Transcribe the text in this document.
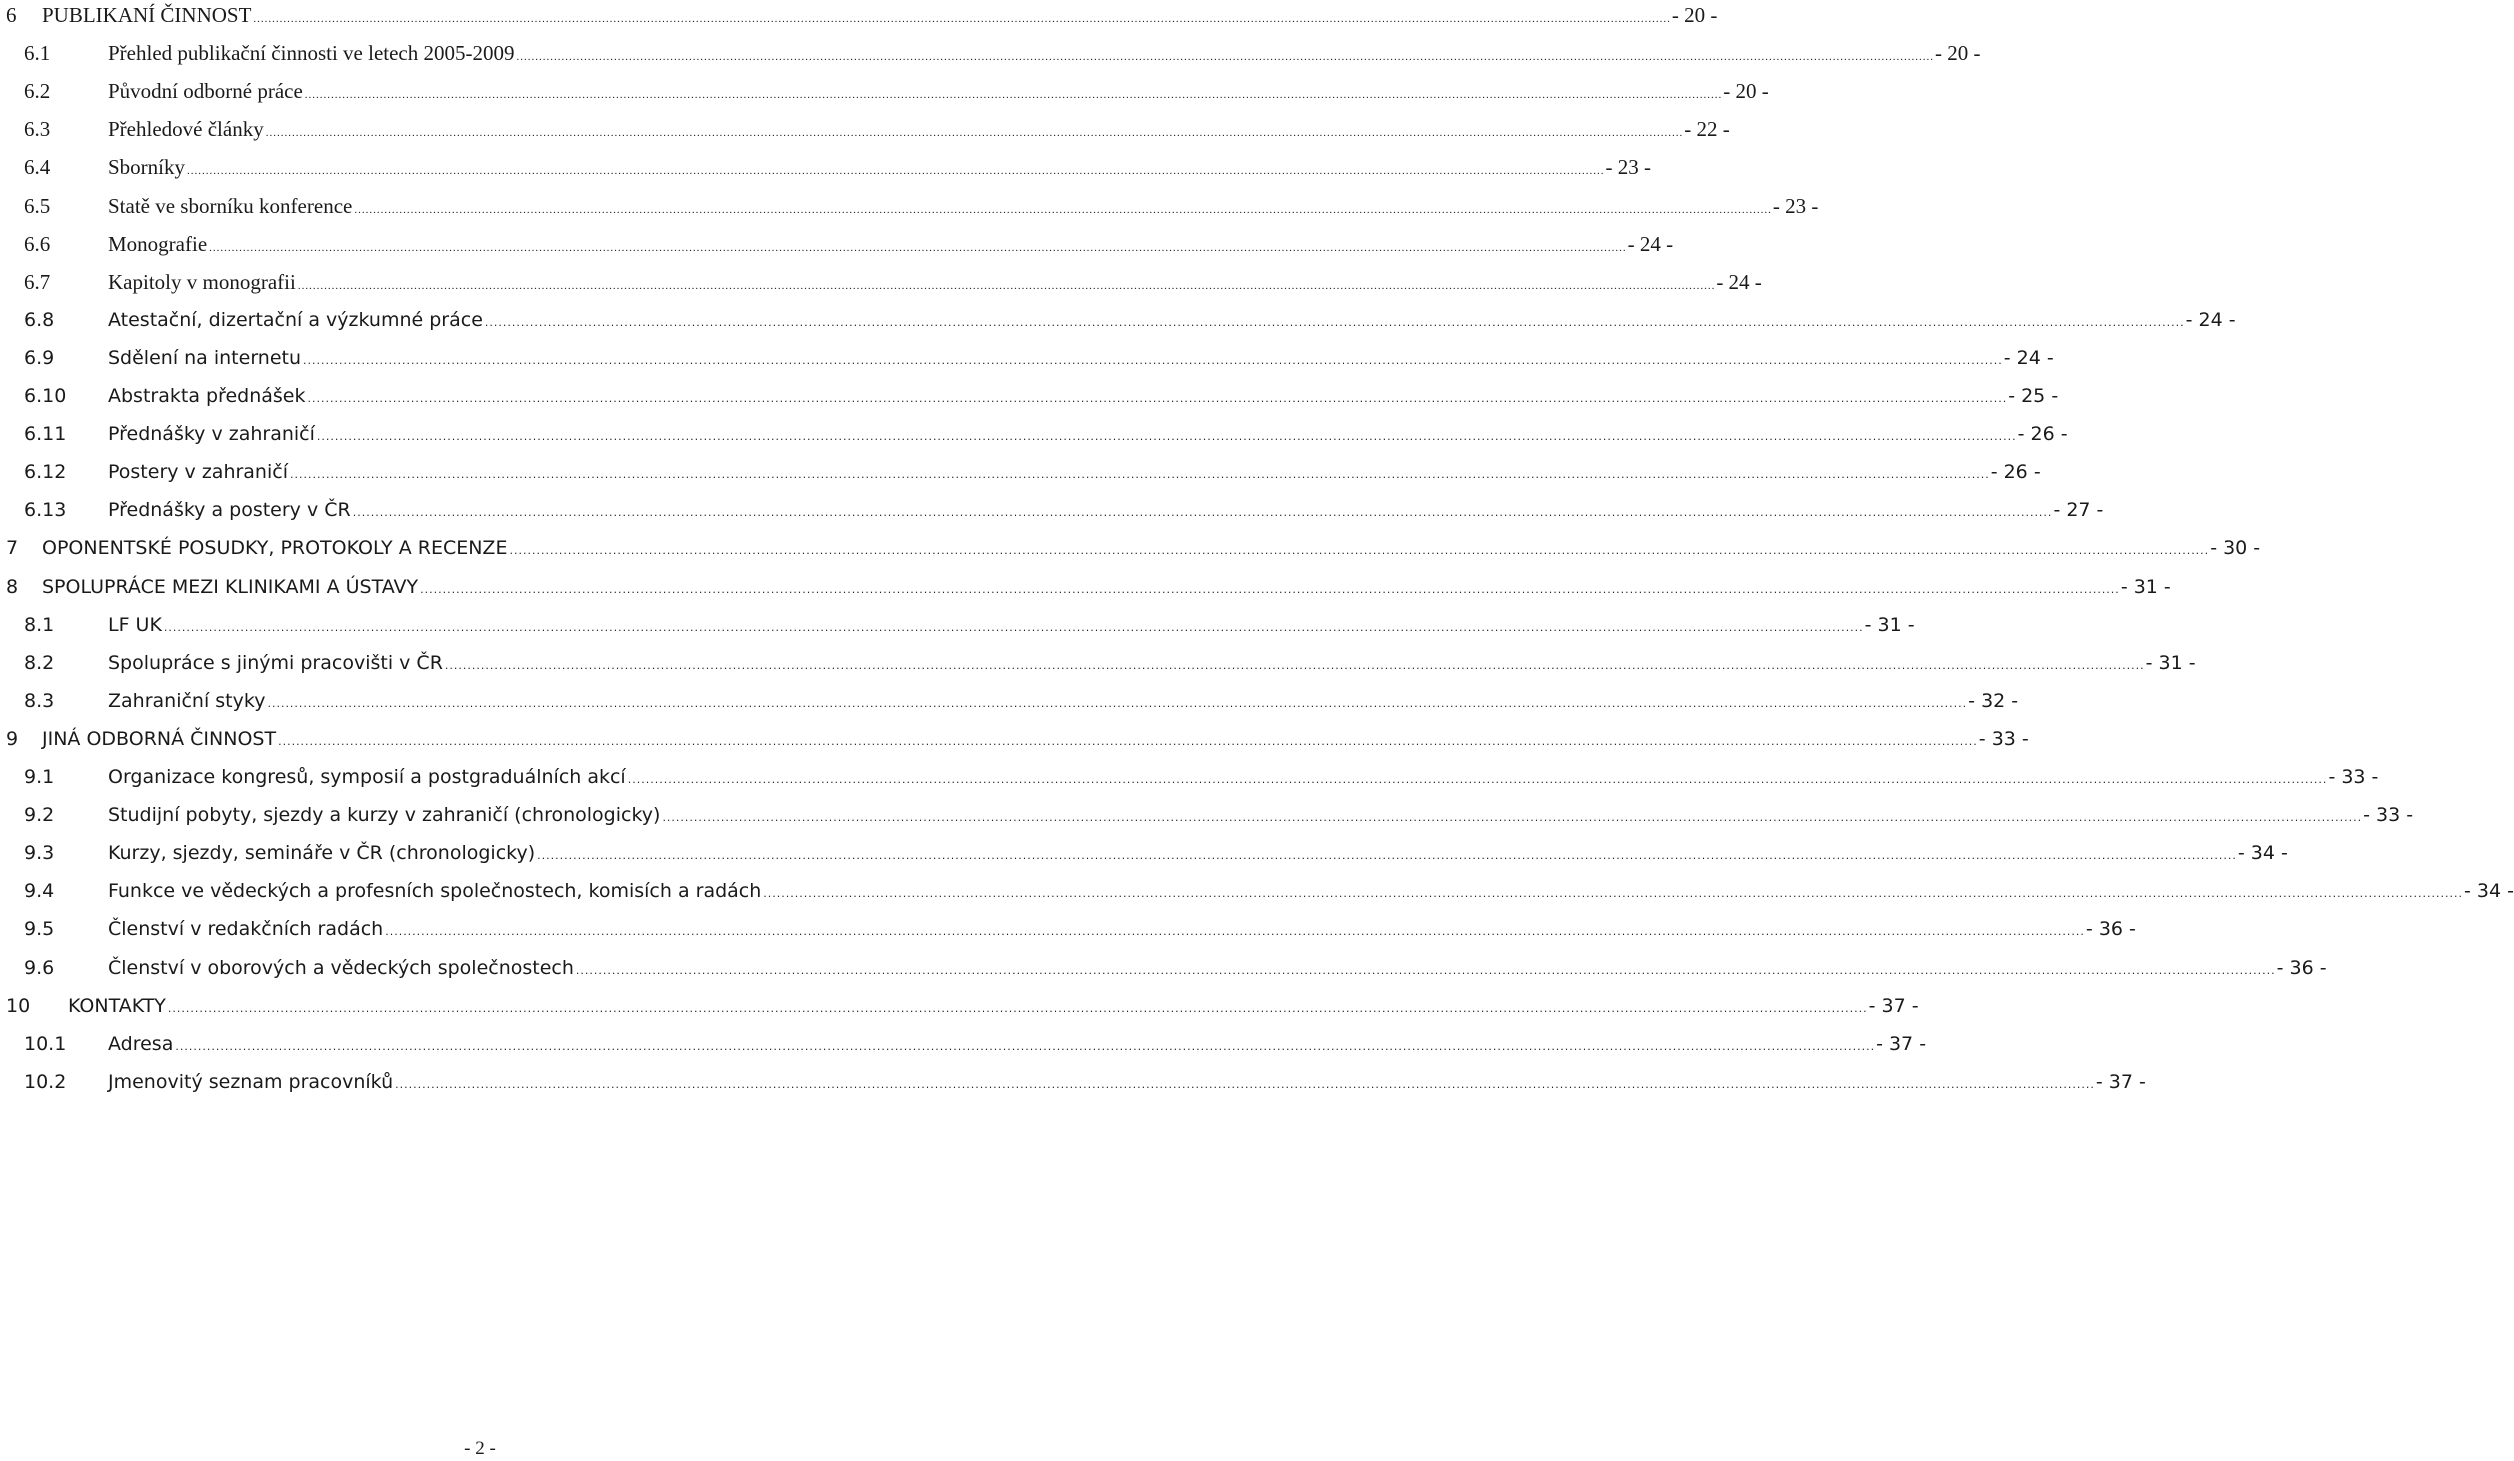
6	PUBLIKANÍ ČINNOST .....	- 20 -
6.1	Přehled publikační činnosti ve letech 2005-2009 .....	- 20 -
6.2	Původní odborné práce .....	- 20 -
6.3	Přehledové články .....	- 22 -
6.4	Sborníky .....	- 23 -
6.5	Statě ve sborníku konference .....	- 23 -
6.6	Monografie .....	- 24 -
6.7	Kapitoly v monografii .....	- 24 -
6.8	Atestační, dizertační a výzkumné práce .....	- 24 -
6.9	Sdělení na internetu .....	- 24 -
6.10	Abstrakta přednášek .....	- 25 -
6.11	Přednášky v zahraničí .....	- 26 -
6.12	Postery v zahraničí .....	- 26 -
6.13	Přednášky a postery v ČR .....	- 27 -
7	OPONENTSKÉ POSUDKY, PROTOKOLY A RECENZE .....	- 30 -
8	SPOLUPRÁCE MEZI KLINIKAMI A ÚSTAVY .....	- 31 -
8.1	LF UK .....	- 31 -
8.2	Spolupráce s jinými pracovišti v ČR .....	- 31 -
8.3	Zahraniční styky .....	- 32 -
9	JINÁ ODBORNÁ ČINNOST .....	- 33 -
9.1	Organizace kongresů, symposií a postgraduálních akcí .....	- 33 -
9.2	Studijní pobyty, sjezdy a kurzy v zahraničí (chronologicky) .....	- 33 -
9.3	Kurzy, sjezdy, semináře v ČR (chronologicky) .....	- 34 -
9.4	Funkce ve vědeckých a profesních společnostech, komisích a radách .....	- 34 -
9.5	Členství v redakčních radách .....	- 36 -
9.6	Členství v oborových a vědeckých společnostech .....	- 36 -
10	KONTAKTY .....	- 37 -
10.1	Adresa .....	- 37 -
10.2	Jmenovitý seznam pracovníků .....	- 37 -
- 2 -
